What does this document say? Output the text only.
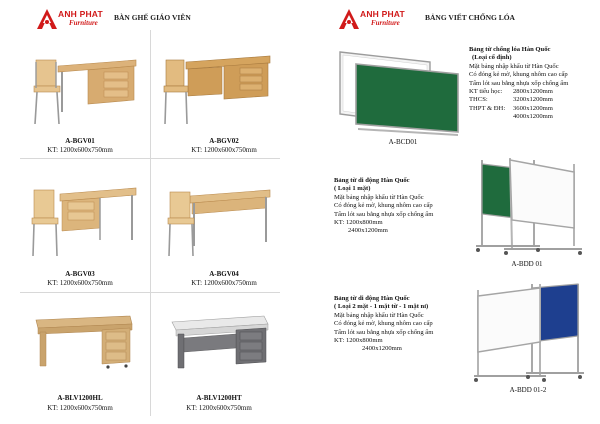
ANH PHAT
Furniture
BÀN GHẾ GIÁO VIÊN
A-BGV01
KT: 1200x600x750mm
A-BGV02
KT: 1200x600x750mm
A-BGV03
KT: 1200x600x750mm
A-BGV04
KT: 1200x600x750mm
A-BLV1200HL
KT: 1200x600x750mm
A-BLV1200HT
KT: 1200x600x750mm
ANH PHAT
Furniture
BẢNG VIẾT CHỐNG LÓA
A-BCD01
Bảng từ chống lóa Hàn Quốc
(Loại cố định)
Mặt bảng nhập khẩu từ Hàn Quốc
Có đóng kẻ mờ, khung nhôm cao cấp
Tấm lót sau bằng nhựa xốp chống ẩm
KT tiểu học: 2800x1200mm
THCS:	3200x1200mm
THPT & ĐH: 3600x1200mm
4000x1200mm
Bảng từ di động Hàn Quốc
( Loại 1 mặt)
Mặt bảng nhập khẩu từ Hàn Quốc
Có đóng kẻ mờ, khung nhôm cao cấp
Tấm lót sau bằng nhựa xốp chống ẩm
KT: 1200x800mm
2400x1200mm
A-BDD 01
Bảng từ di động Hàn Quốc
( Loại 2 mặt - 1 mặt từ - 1 mặt nỉ)
Mặt bảng nhập khẩu từ Hàn Quốc
Có đóng kẻ mờ, khung nhôm cao cấp
Tấm lót sau bằng nhựa xốp chống ẩm
KT: 1200x800mm
2400x1200mm
A-BDD 01-2
